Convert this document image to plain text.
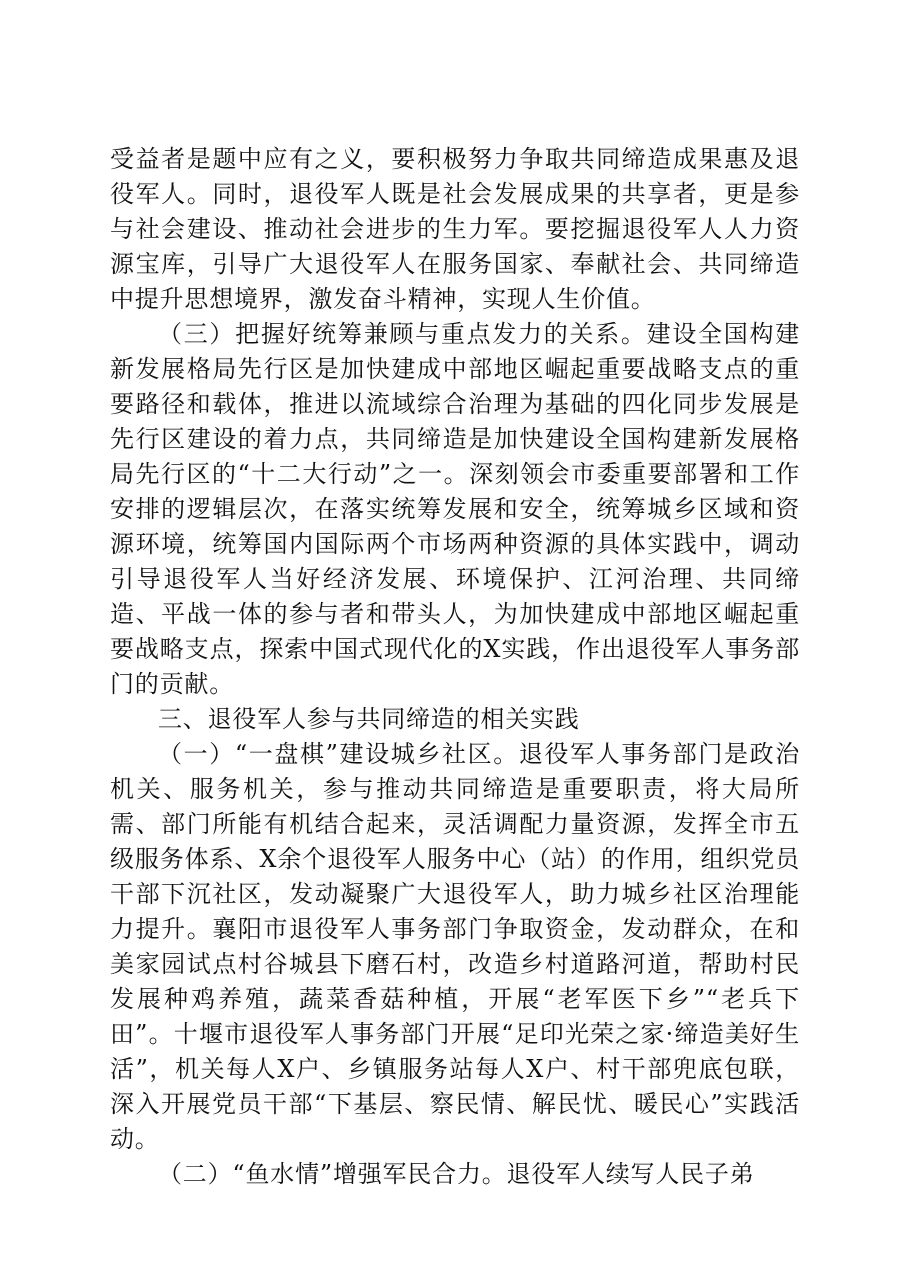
受益者是题中应有之义，要积极努力争取共同缔造成果惠及退役军人。同时，退役军人既是社会发展成果的共享者，更是参与社会建设、推动社会进步的生力军。要挖掘退役军人人力资源宝库，引导广大退役军人在服务国家、奉献社会、共同缔造中提升思想境界，激发奋斗精神，实现人生价值。

（三）把握好统筹兼顾与重点发力的关系。建设全国构建新发展格局先行区是加快建成中部地区崛起重要战略支点的重要路径和载体，推进以流域综合治理为基础的四化同步发展是先行区建设的着力点，共同缔造是加快建设全国构建新发展格局先行区的“十二大行动”之一。深刻领会市委重要部署和工作安排的逻辑层次，在落实统筹发展和安全，统筹城乡区域和资源环境，统筹国内国际两个市场两种资源的具体实践中，调动引导退役军人当好经济发展、环境保护、江河治理、共同缔造、平战一体的参与者和带头人，为加快建成中部地区崛起重要战略支点，探索中国式现代化的X实践，作出退役军人事务部门的贡献。

三、退役军人参与共同缔造的相关实践

（一）“一盘棋”建设城乡社区。退役军人事务部门是政治机关、服务机关，参与推动共同缔造是重要职责，将大局所需、部门所能有机结合起来，灵活调配力量资源，发挥全市五级服务体系、X余个退役军人服务中心（站）的作用，组织党员干部下沉社区，发动凝聚广大退役军人，助力城乡社区治理能力提升。襄阳市退役军人事务部门争取资金，发动群众，在和美家园试点村谷城县下磨石村，改造乡村道路河道，帮助村民发展种鸡养殖，蔬菜香菇种植，开展“老军医下乡”“老兵下田”。十堰市退役军人事务部门开展“足印光荣之家·缔造美好生活”，机关每人X户、乡镇服务站每人X户、村干部兜底包联，深入开展党员干部“下基层、察民情、解民忧、暖民心”实践活动。

（二）“鱼水情”增强军民合力。退役军人续写人民子弟
